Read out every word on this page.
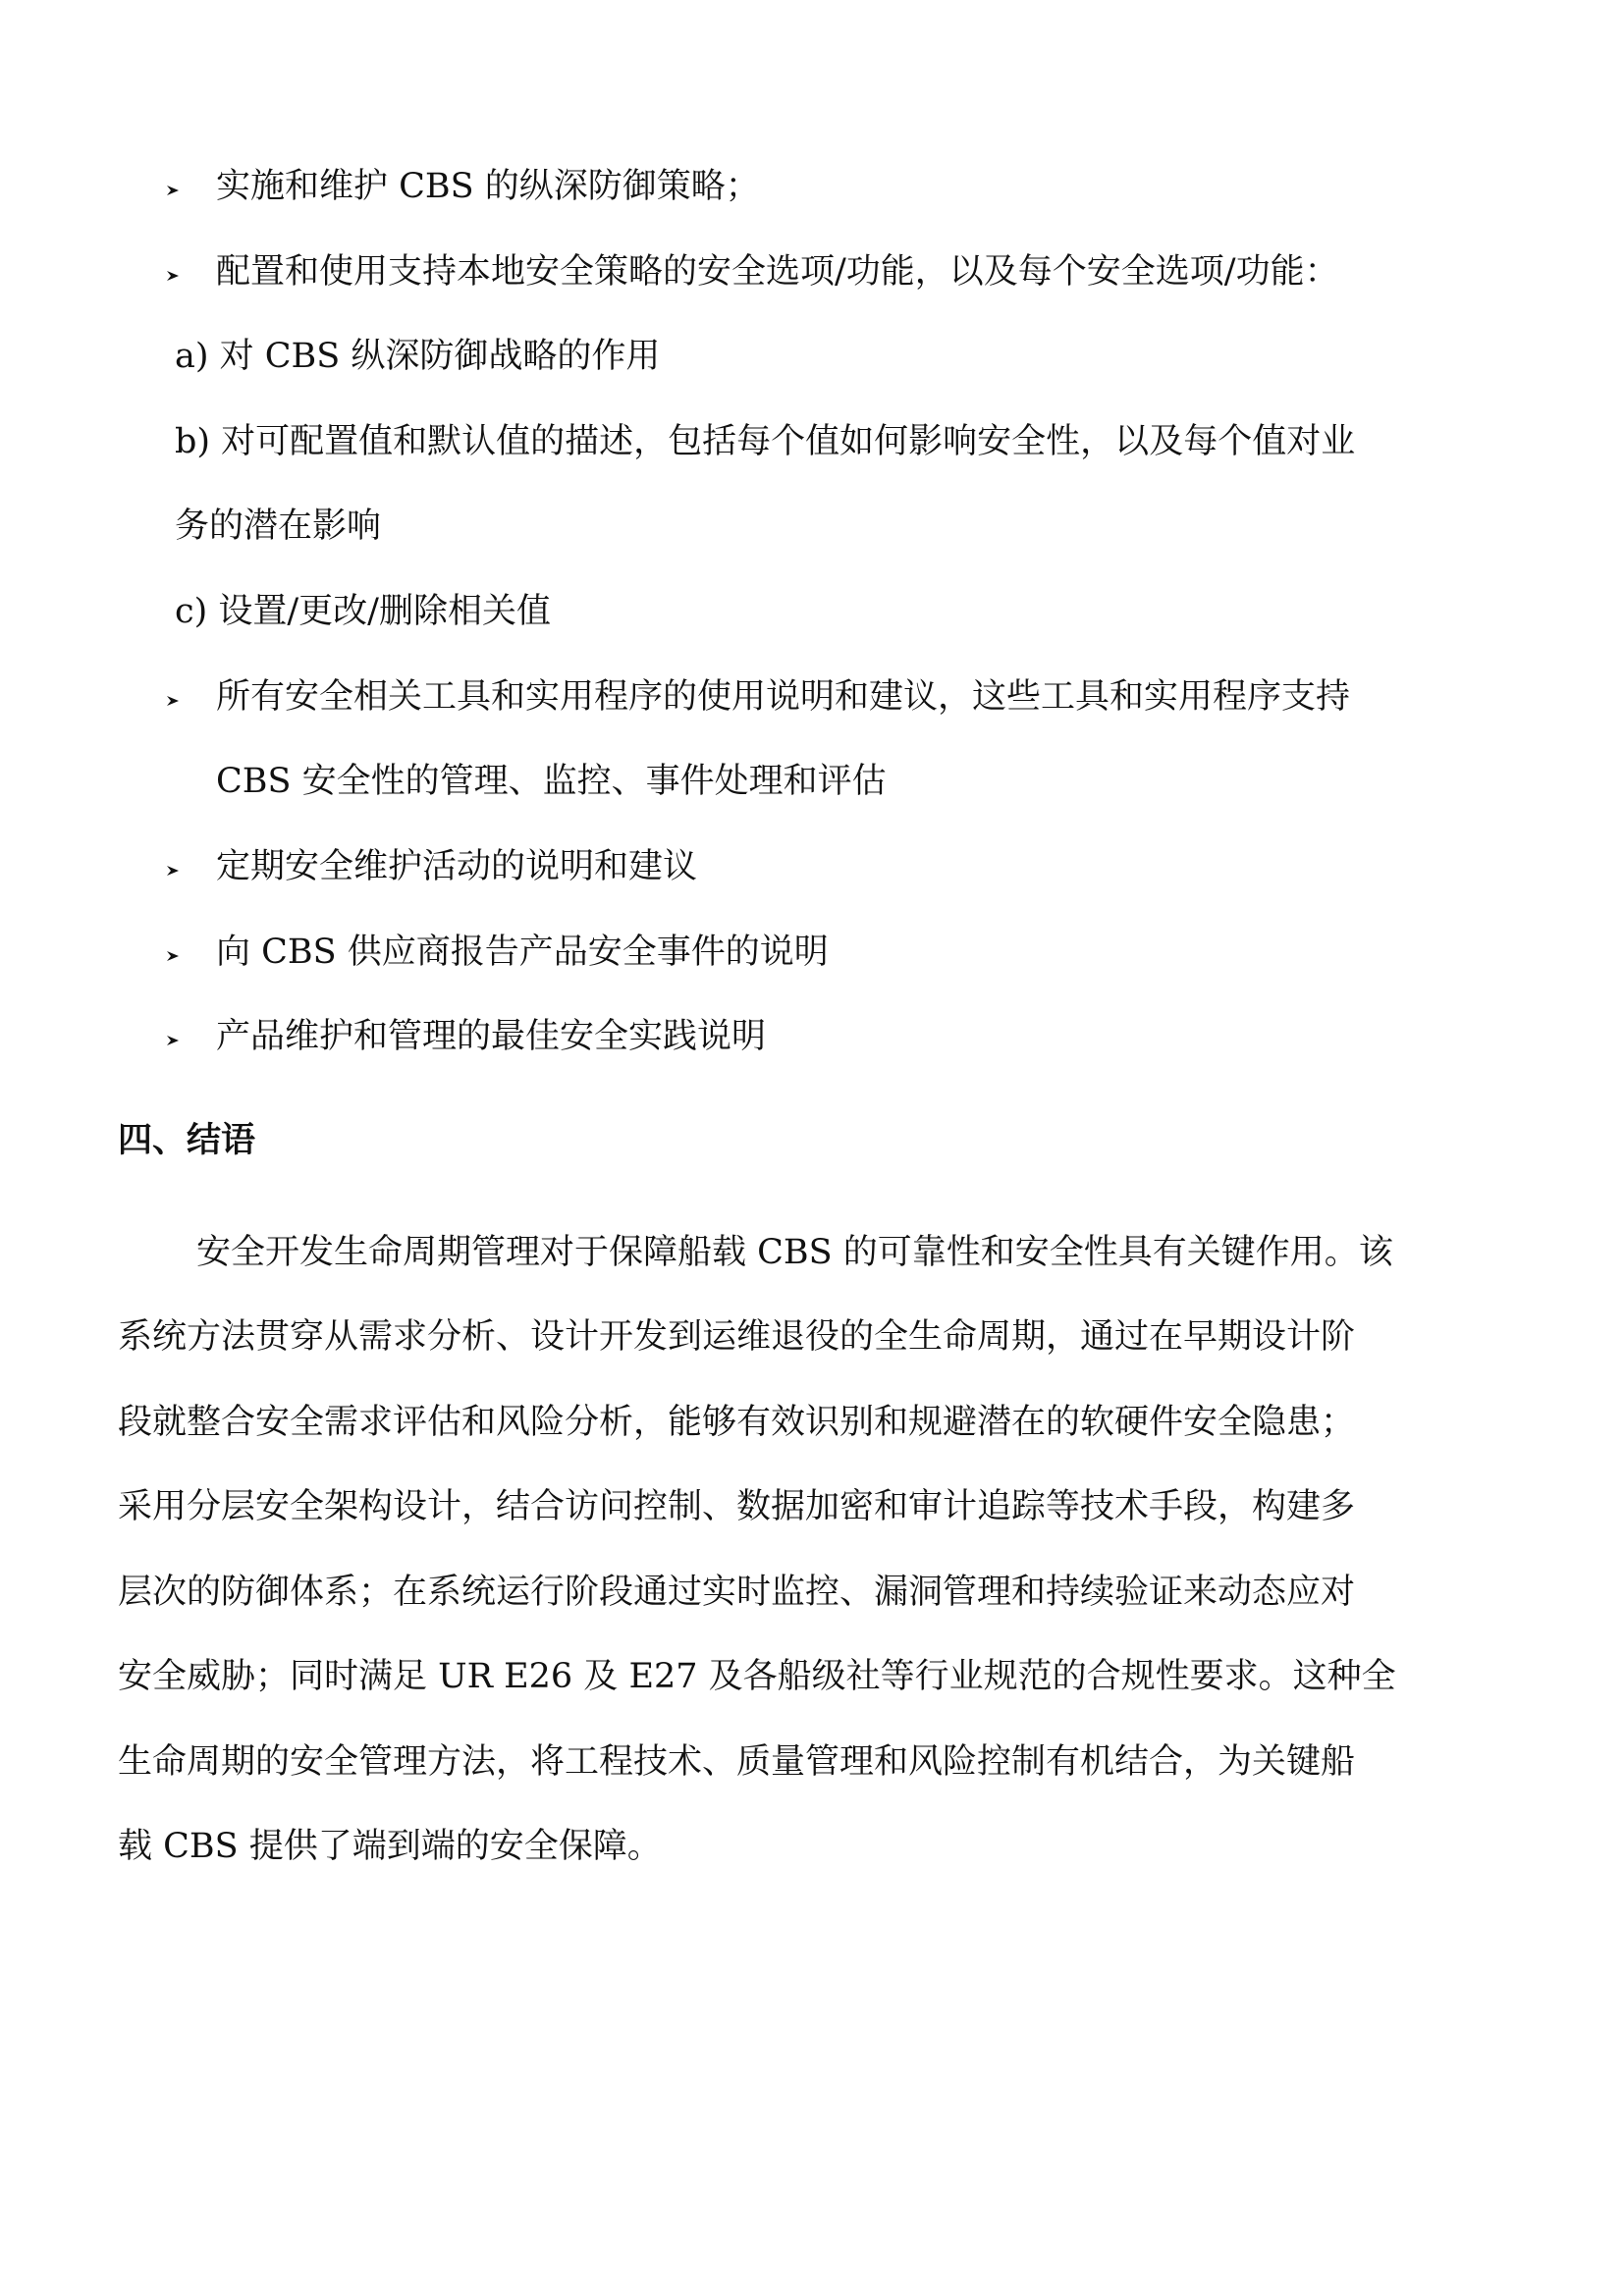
实施和维护 CBS 的纵深防御策略；
配置和使用支持本地安全策略的安全选项/功能，以及每个安全选项/功能：
a) 对 CBS 纵深防御战略的作用
b) 对可配置值和默认值的描述，包括每个值如何影响安全性，以及每个值对业
务的潜在影响
c) 设置/更改/删除相关值
所有安全相关工具和实用程序的使用说明和建议，这些工具和实用程序支持
CBS 安全性的管理、监控、事件处理和评估
定期安全维护活动的说明和建议
向 CBS 供应商报告产品安全事件的说明
产品维护和管理的最佳安全实践说明
四、结语
安全开发生命周期管理对于保障船载 CBS 的可靠性和安全性具有关键作用。该
系统方法贯穿从需求分析、设计开发到运维退役的全生命周期，通过在早期设计阶
段就整合安全需求评估和风险分析，能够有效识别和规避潜在的软硬件安全隐患；
采用分层安全架构设计，结合访问控制、数据加密和审计追踪等技术手段，构建多
层次的防御体系；在系统运行阶段通过实时监控、漏洞管理和持续验证来动态应对
安全威胁；同时满足 UR E26 及 E27 及各船级社等行业规范的合规性要求。这种全
生命周期的安全管理方法，将工程技术、质量管理和风险控制有机结合，为关键船
载 CBS 提供了端到端的安全保障。
